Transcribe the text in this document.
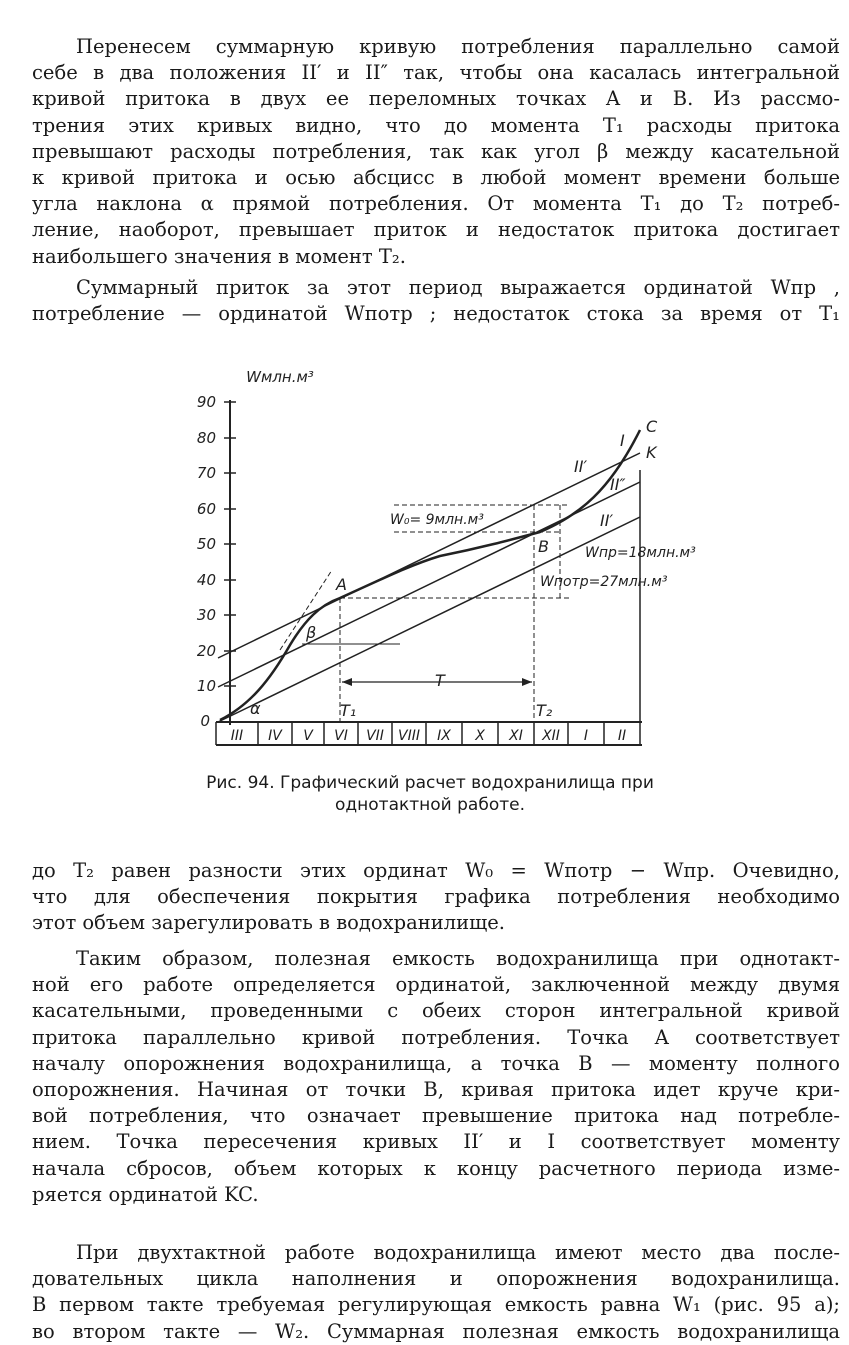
Перенесем суммарную кривую потребления параллельно самой
себе в два положения II′ и II″ так, чтобы она касалась интегральной
кривой притока в двух ее переломных точках A и B. Из рассмо-
трения этих кривых видно, что до момента T₁ расходы притока
превышают расходы потребления, так как угол β между касательной
к кривой притока и осью абсцисс в любой момент времени больше
угла наклона α прямой потребления. От момента T₁ до T₂ потреб-
ление, наоборот, превышает приток и недостаток притока достигает
наибольшего значения в момент T₂.
Суммарный приток за этот период выражается ординатой Wпр ,
потребление — ординатой Wпотр ; недостаток стока за время от T₁
Wмлн.м³
90
80
70
60
50
40
30
20
10
0
III IV V VI VII VIII IX X XI XII I II
A
B
C
K
I
II′
II″
II′
T₁	T₂
T
α
β
W₀= 9млн.м³
Wпр=18млн.м³
Wпотр=27млн.м³
Рис. 94. Графический расчет водохранилища при
однотактной работе.
до T₂ равен разности этих ординат W₀ = Wпотр − Wпр. Очевидно,
что для обеспечения покрытия графика потребления необходимо
этот объем зарегулировать в водохранилище.
Таким образом, полезная емкость водохранилища при однотакт-
ной его работе определяется ординатой, заключенной между двумя
касательными, проведенными с обеих сторон интегральной кривой
притока параллельно кривой потребления. Точка A соответствует
началу опорожнения водохранилища, а точка B — моменту полного
опорожнения. Начиная от точки B, кривая притока идет круче кри-
вой потребления, что означает превышение притока над потребле-
нием. Точка пересечения кривых II′ и I соответствует моменту
начала сбросов, объем которых к концу расчетного периода изме-
ряется ординатой KC.
При двухтактной работе водохранилища имеют место два после-
довательных цикла наполнения и опорожнения водохранилища.
В первом такте требуемая регулирующая емкость равна W₁ (рис. 95 а);
во втором такте — W₂. Суммарная полезная емкость водохранилища
